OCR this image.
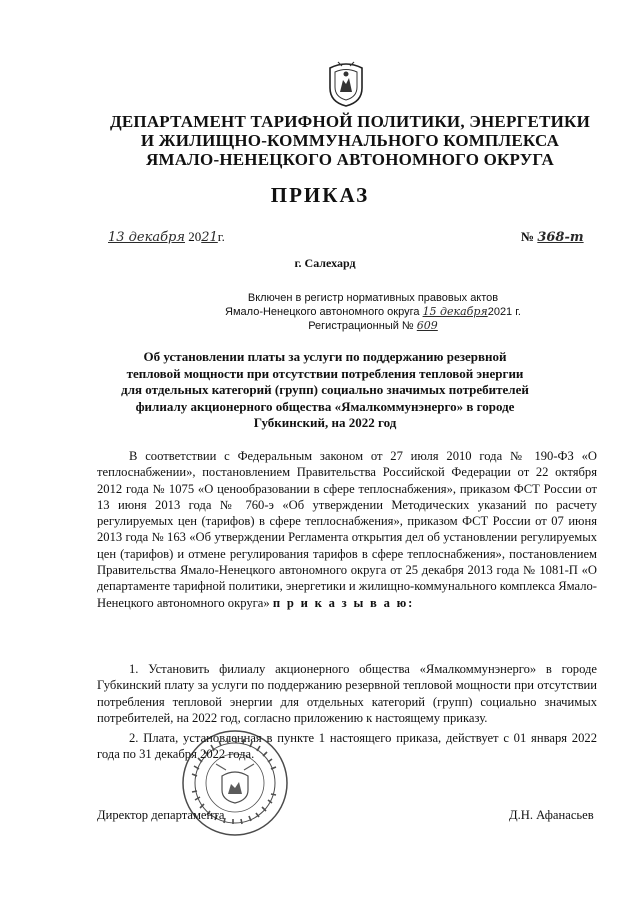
ДЕПАРТАМЕНТ ТАРИФНОЙ ПОЛИТИКИ, ЭНЕРГЕТИКИ
И ЖИЛИЩНО-КОММУНАЛЬНОГО КОМПЛЕКСА
ЯМАЛО-НЕНЕЦКОГО АВТОНОМНОГО ОКРУГА
ПРИКАЗ
13 декабря 2021г.	№ 368-т
г. Салехард
Включен в регистр нормативных правовых актов
Ямало-Ненецкого автономного округа 15 декабря2021 г.
Регистрационный № 609
Об установлении платы за услуги по поддержанию резервной
тепловой мощности при отсутствии потребления тепловой энергии
для отдельных категорий (групп) социально значимых потребителей
филиалу акционерного общества «Ямалкоммунэнерго» в городе
Губкинский, на 2022 год
В соответствии с Федеральным законом от 27 июля 2010 года № 190-ФЗ «О теплоснабжении», постановлением Правительства Российской Федерации от 22 октября 2012 года № 1075 «О ценообразовании в сфере теплоснабжения», приказом ФСТ России от 13 июня 2013 года № 760-э «Об утверждении Методических указаний по расчету регулируемых цен (тарифов) в сфере теплоснабжения», приказом ФСТ России от 07 июня 2013 года № 163 «Об утверждении Регламента открытия дел об установлении регулируемых цен (тарифов) и отмене регулирования тарифов в сфере теплоснабжения», постановлением Правительства Ямало-Ненецкого автономного округа от 25 декабря 2013 года № 1081-П «О департаменте тарифной политики, энергетики и жилищно-коммунального комплекса Ямало-Ненецкого автономного округа» п р и к а з ы в а ю:

1. Установить филиалу акционерного общества «Ямалкоммунэнерго» в городе Губкинский плату за услуги по поддержанию резервной тепловой мощности при отсутствии потребления тепловой энергии для отдельных категорий (групп) социально значимых потребителей, на 2022 год, согласно приложению к настоящему приказу.

2. Плата, установленная в пункте 1 настоящего приказа, действует с 01 января 2022 года по 31 декабря 2022 года.

Директор департамента	Д.Н. Афанасьев
